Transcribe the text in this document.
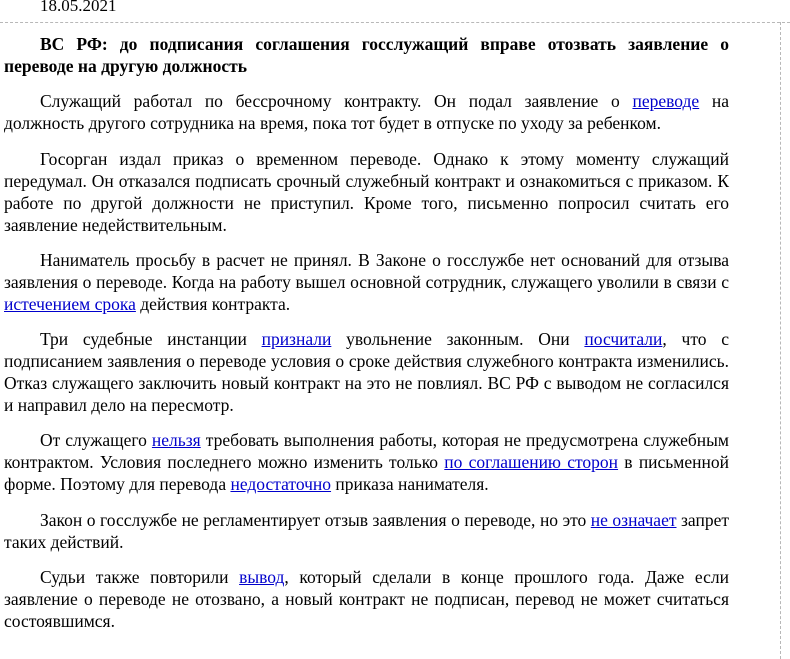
18.05.2021

ВС РФ: до подписания соглашения госслужащий вправе отозвать заявление о переводе на другую должность

Служащий работал по бессрочному контракту. Он подал заявление о переводе на должность другого сотрудника на время, пока тот будет в отпуске по уходу за ребенком.

Госорган издал приказ о временном переводе. Однако к этому моменту служащий передумал. Он отказался подписать срочный служебный контракт и ознакомиться с приказом. К работе по другой должности не приступил. Кроме того, письменно попросил считать его заявление недействительным.

Наниматель просьбу в расчет не принял. В Законе о госслужбе нет оснований для отзыва заявления о переводе. Когда на работу вышел основной сотрудник, служащего уволили в связи с истечением срока действия контракта.

Три судебные инстанции признали увольнение законным. Они посчитали, что с подписанием заявления о переводе условия о сроке действия служебного контракта изменились. Отказ служащего заключить новый контракт на это не повлиял. ВС РФ с выводом не согласился и направил дело на пересмотр.

От служащего нельзя требовать выполнения работы, которая не предусмотрена служебным контрактом. Условия последнего можно изменить только по соглашению сторон в письменной форме. Поэтому для перевода недостаточно приказа нанимателя.

Закон о госслужбе не регламентирует отзыв заявления о переводе, но это не означает запрет таких действий.

Судьи также повторили вывод, который сделали в конце прошлого года. Даже если заявление о переводе не отозвано, а новый контракт не подписан, перевод не может считаться состоявшимся.
